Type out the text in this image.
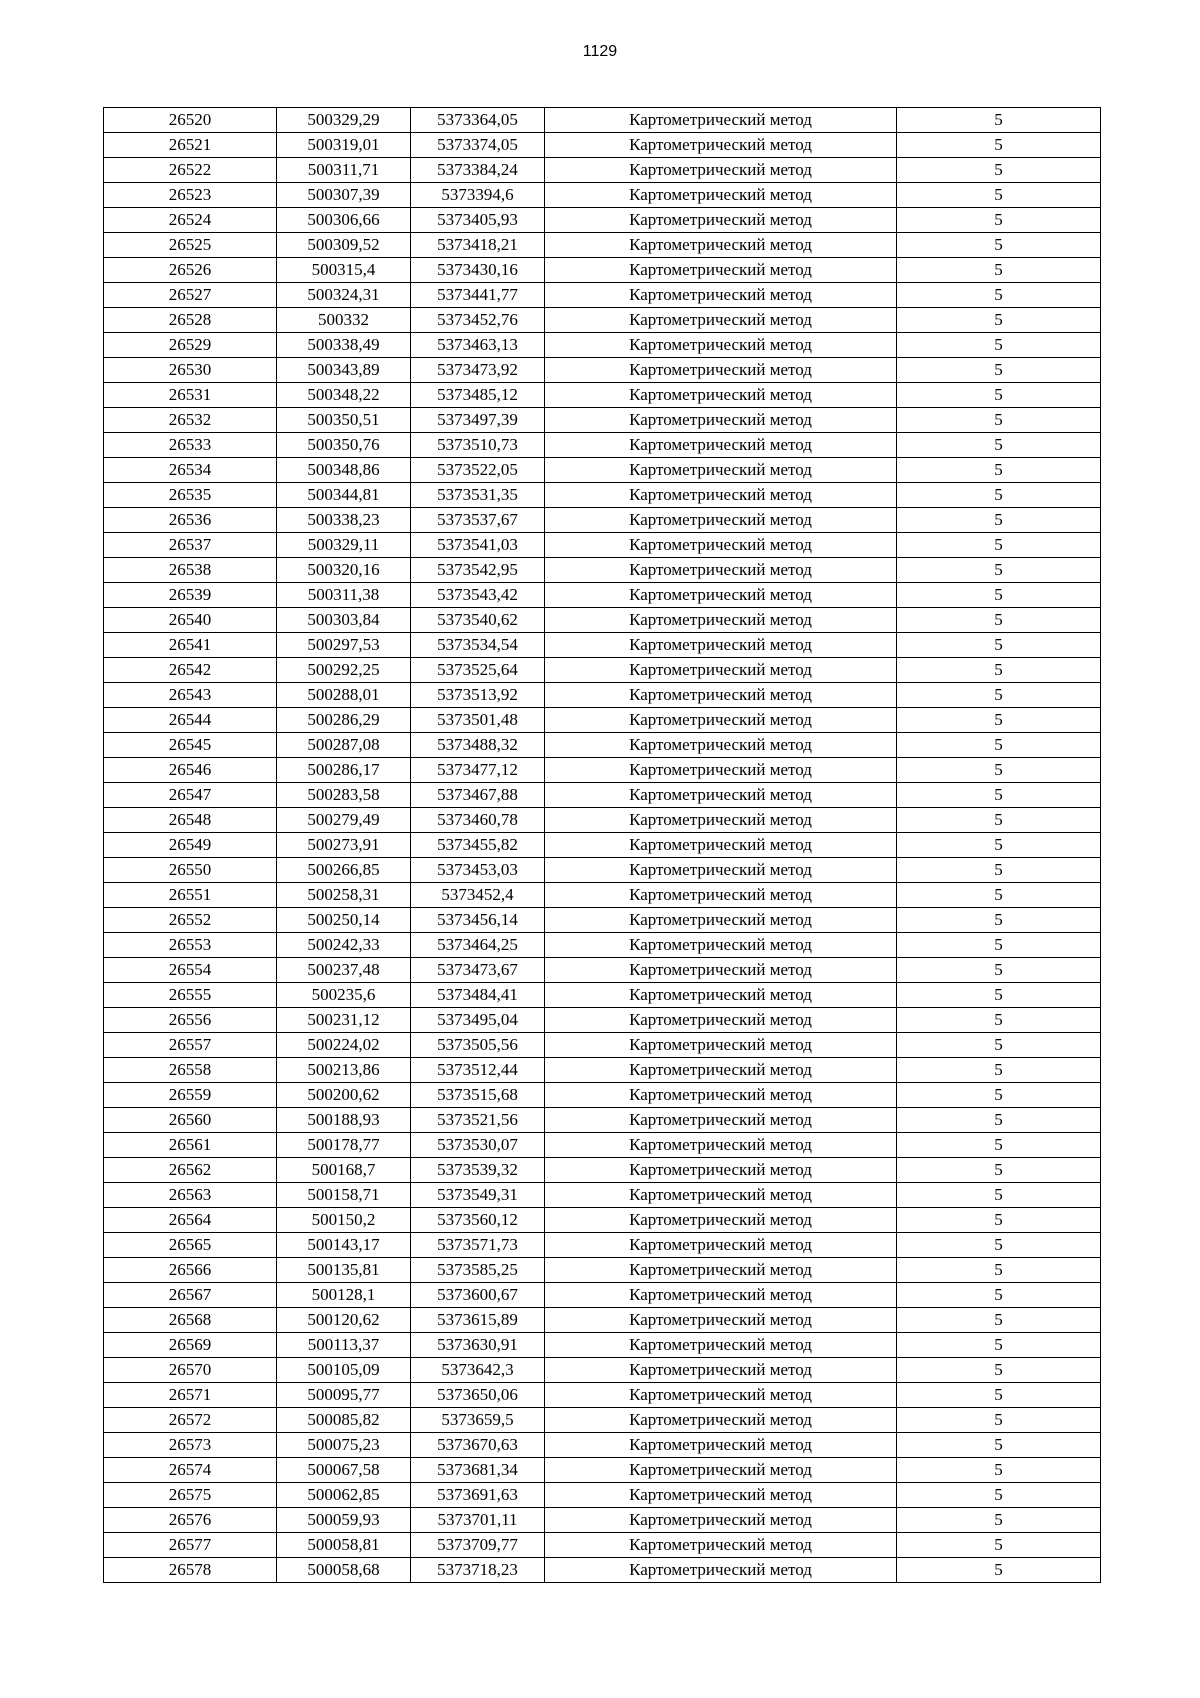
1129
26520	500329,29	5373364,05	Картометрический метод	5
26521	500319,01	5373374,05	Картометрический метод	5
26522	500311,71	5373384,24	Картометрический метод	5
26523	500307,39	5373394,6	Картометрический метод	5
26524	500306,66	5373405,93	Картометрический метод	5
26525	500309,52	5373418,21	Картометрический метод	5
26526	500315,4	5373430,16	Картометрический метод	5
26527	500324,31	5373441,77	Картометрический метод	5
26528	500332	5373452,76	Картометрический метод	5
26529	500338,49	5373463,13	Картометрический метод	5
26530	500343,89	5373473,92	Картометрический метод	5
26531	500348,22	5373485,12	Картометрический метод	5
26532	500350,51	5373497,39	Картометрический метод	5
26533	500350,76	5373510,73	Картометрический метод	5
26534	500348,86	5373522,05	Картометрический метод	5
26535	500344,81	5373531,35	Картометрический метод	5
26536	500338,23	5373537,67	Картометрический метод	5
26537	500329,11	5373541,03	Картометрический метод	5
26538	500320,16	5373542,95	Картометрический метод	5
26539	500311,38	5373543,42	Картометрический метод	5
26540	500303,84	5373540,62	Картометрический метод	5
26541	500297,53	5373534,54	Картометрический метод	5
26542	500292,25	5373525,64	Картометрический метод	5
26543	500288,01	5373513,92	Картометрический метод	5
26544	500286,29	5373501,48	Картометрический метод	5
26545	500287,08	5373488,32	Картометрический метод	5
26546	500286,17	5373477,12	Картометрический метод	5
26547	500283,58	5373467,88	Картометрический метод	5
26548	500279,49	5373460,78	Картометрический метод	5
26549	500273,91	5373455,82	Картометрический метод	5
26550	500266,85	5373453,03	Картометрический метод	5
26551	500258,31	5373452,4	Картометрический метод	5
26552	500250,14	5373456,14	Картометрический метод	5
26553	500242,33	5373464,25	Картометрический метод	5
26554	500237,48	5373473,67	Картометрический метод	5
26555	500235,6	5373484,41	Картометрический метод	5
26556	500231,12	5373495,04	Картометрический метод	5
26557	500224,02	5373505,56	Картометрический метод	5
26558	500213,86	5373512,44	Картометрический метод	5
26559	500200,62	5373515,68	Картометрический метод	5
26560	500188,93	5373521,56	Картометрический метод	5
26561	500178,77	5373530,07	Картометрический метод	5
26562	500168,7	5373539,32	Картометрический метод	5
26563	500158,71	5373549,31	Картометрический метод	5
26564	500150,2	5373560,12	Картометрический метод	5
26565	500143,17	5373571,73	Картометрический метод	5
26566	500135,81	5373585,25	Картометрический метод	5
26567	500128,1	5373600,67	Картометрический метод	5
26568	500120,62	5373615,89	Картометрический метод	5
26569	500113,37	5373630,91	Картометрический метод	5
26570	500105,09	5373642,3	Картометрический метод	5
26571	500095,77	5373650,06	Картометрический метод	5
26572	500085,82	5373659,5	Картометрический метод	5
26573	500075,23	5373670,63	Картометрический метод	5
26574	500067,58	5373681,34	Картометрический метод	5
26575	500062,85	5373691,63	Картометрический метод	5
26576	500059,93	5373701,11	Картометрический метод	5
26577	500058,81	5373709,77	Картометрический метод	5
26578	500058,68	5373718,23	Картометрический метод	5
